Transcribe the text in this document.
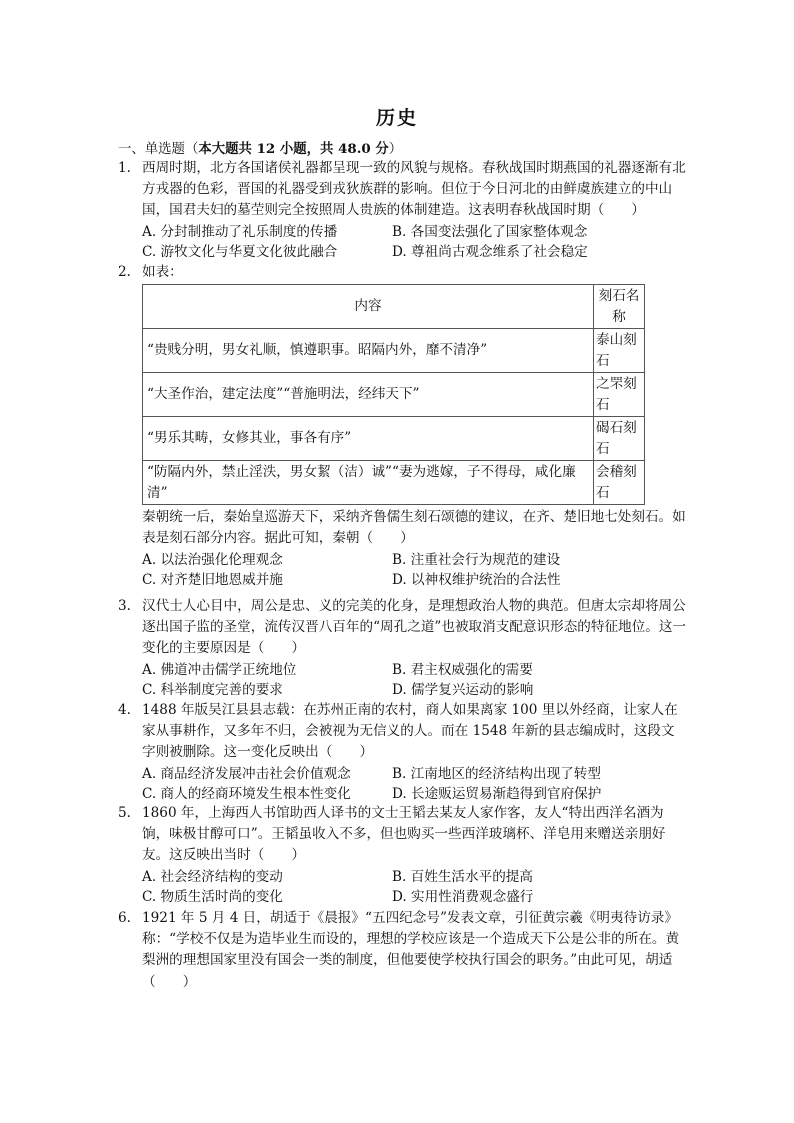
历史
一、单选题（本大题共 12 小题，共 48.0 分）
1. 西周时期，北方各国诸侯礼器都呈现一致的风貌与规格。春秋战国时期燕国的礼器逐渐有北方戎器的色彩，晋国的礼器受到戎狄族群的影响。但位于今日河北的由鲜虞族建立的中山国，国君夫妇的墓茔则完全按照周人贵族的体制建造。这表明春秋战国时期（　　）
A. 分封制推动了礼乐制度的传播	B. 各国变法强化了国家整体观念
C. 游牧文化与华夏文化彼此融合	D. 尊祖尚古观念维系了社会稳定
2. 如表：
内容	刻石名称
“贵贱分明，男女礼顺，慎遵职事。昭隔内外，靡不清净”	泰山刻石
“大圣作治，建定法度”“普施明法，经纬天下”	之罘刻石
“男乐其畴，女修其业，事各有序”	碣石刻石
“防隔内外，禁止淫泆，男女絜（洁）诚”“妻为逃嫁，子不得母，咸化廉清”	会稽刻石
秦朝统一后，秦始皇巡游天下，采纳齐鲁儒生刻石颂德的建议，在齐、楚旧地七处刻石。如表是刻石部分内容。据此可知，秦朝（　　）
A. 以法治强化伦理观念	B. 注重社会行为规范的建设
C. 对齐楚旧地恩威并施	D. 以神权维护统治的合法性
3. 汉代士人心目中，周公是忠、义的完美的化身，是理想政治人物的典范。但唐太宗却将周公逐出国子监的圣堂，流传汉晋八百年的“周孔之道”也被取消支配意识形态的特征地位。这一变化的主要原因是（　　）
A. 佛道冲击儒学正统地位	B. 君主权威强化的需要
C. 科举制度完善的要求	D. 儒学复兴运动的影响
4. 1488 年版吴江县县志载：在苏州正南的农村，商人如果离家 100 里以外经商，让家人在家从事耕作，又多年不归，会被视为无信义的人。而在 1548 年新的县志编成时，这段文字则被删除。这一变化反映出（　　）
A. 商品经济发展冲击社会价值观念	B. 江南地区的经济结构出现了转型
C. 商人的经商环境发生根本性变化	D. 长途贩运贸易渐趋得到官府保护
5. 1860 年，上海西人书馆助西人译书的文士王韬去某友人家作客，友人“特出西洋名酒为饷，味极甘醇可口”。王韬虽收入不多，但也购买一些西洋玻璃杯、洋皂用来赠送亲朋好友。这反映出当时（　　）
A. 社会经济结构的变动	B. 百姓生活水平的提高
C. 物质生活时尚的变化	D. 实用性消费观念盛行
6. 1921 年 5 月 4 日，胡适于《晨报》“五四纪念号”发表文章，引征黄宗羲《明夷待访录》称：“学校不仅是为造毕业生而设的，理想的学校应该是一个造成天下公是公非的所在。黄梨洲的理想国家里没有国会一类的制度，但他要使学校执行国会的职务。”由此可见，胡适（　　）
